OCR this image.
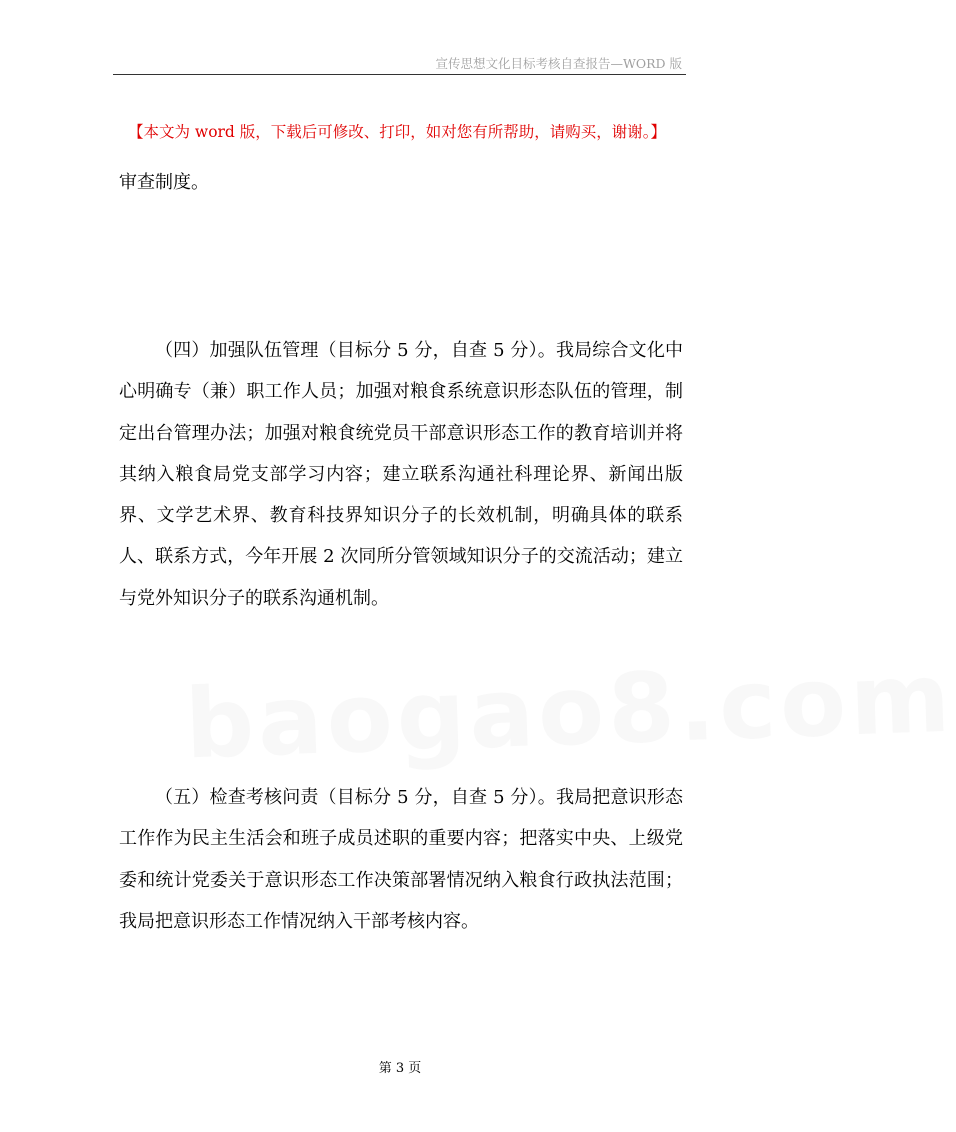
宣传思想文化目标考核自查报告—WORD 版
baogao8.com
【本文为 word 版，下载后可修改、打印，如对您有所帮助，请购买，谢谢。】

审查制度。

（四）加强队伍管理（目标分 5 分，自查 5 分）。我局综合文化中心明确专（兼）职工作人员；加强对粮食系统意识形态队伍的管理，制定出台管理办法；加强对粮食统党员干部意识形态工作的教育培训并将其纳入粮食局党支部学习内容；建立联系沟通社科理论界、新闻出版界、文学艺术界、教育科技界知识分子的长效机制，明确具体的联系人、联系方式，今年开展 2 次同所分管领域知识分子的交流活动；建立与党外知识分子的联系沟通机制。

（五）检查考核问责（目标分 5 分，自查 5 分）。我局把意识形态工作作为民主生活会和班子成员述职的重要内容；把落实中央、上级党委和统计党委关于意识形态工作决策部署情况纳入粮食行政执法范围；我局把意识形态工作情况纳入干部考核内容。

第 3 页
